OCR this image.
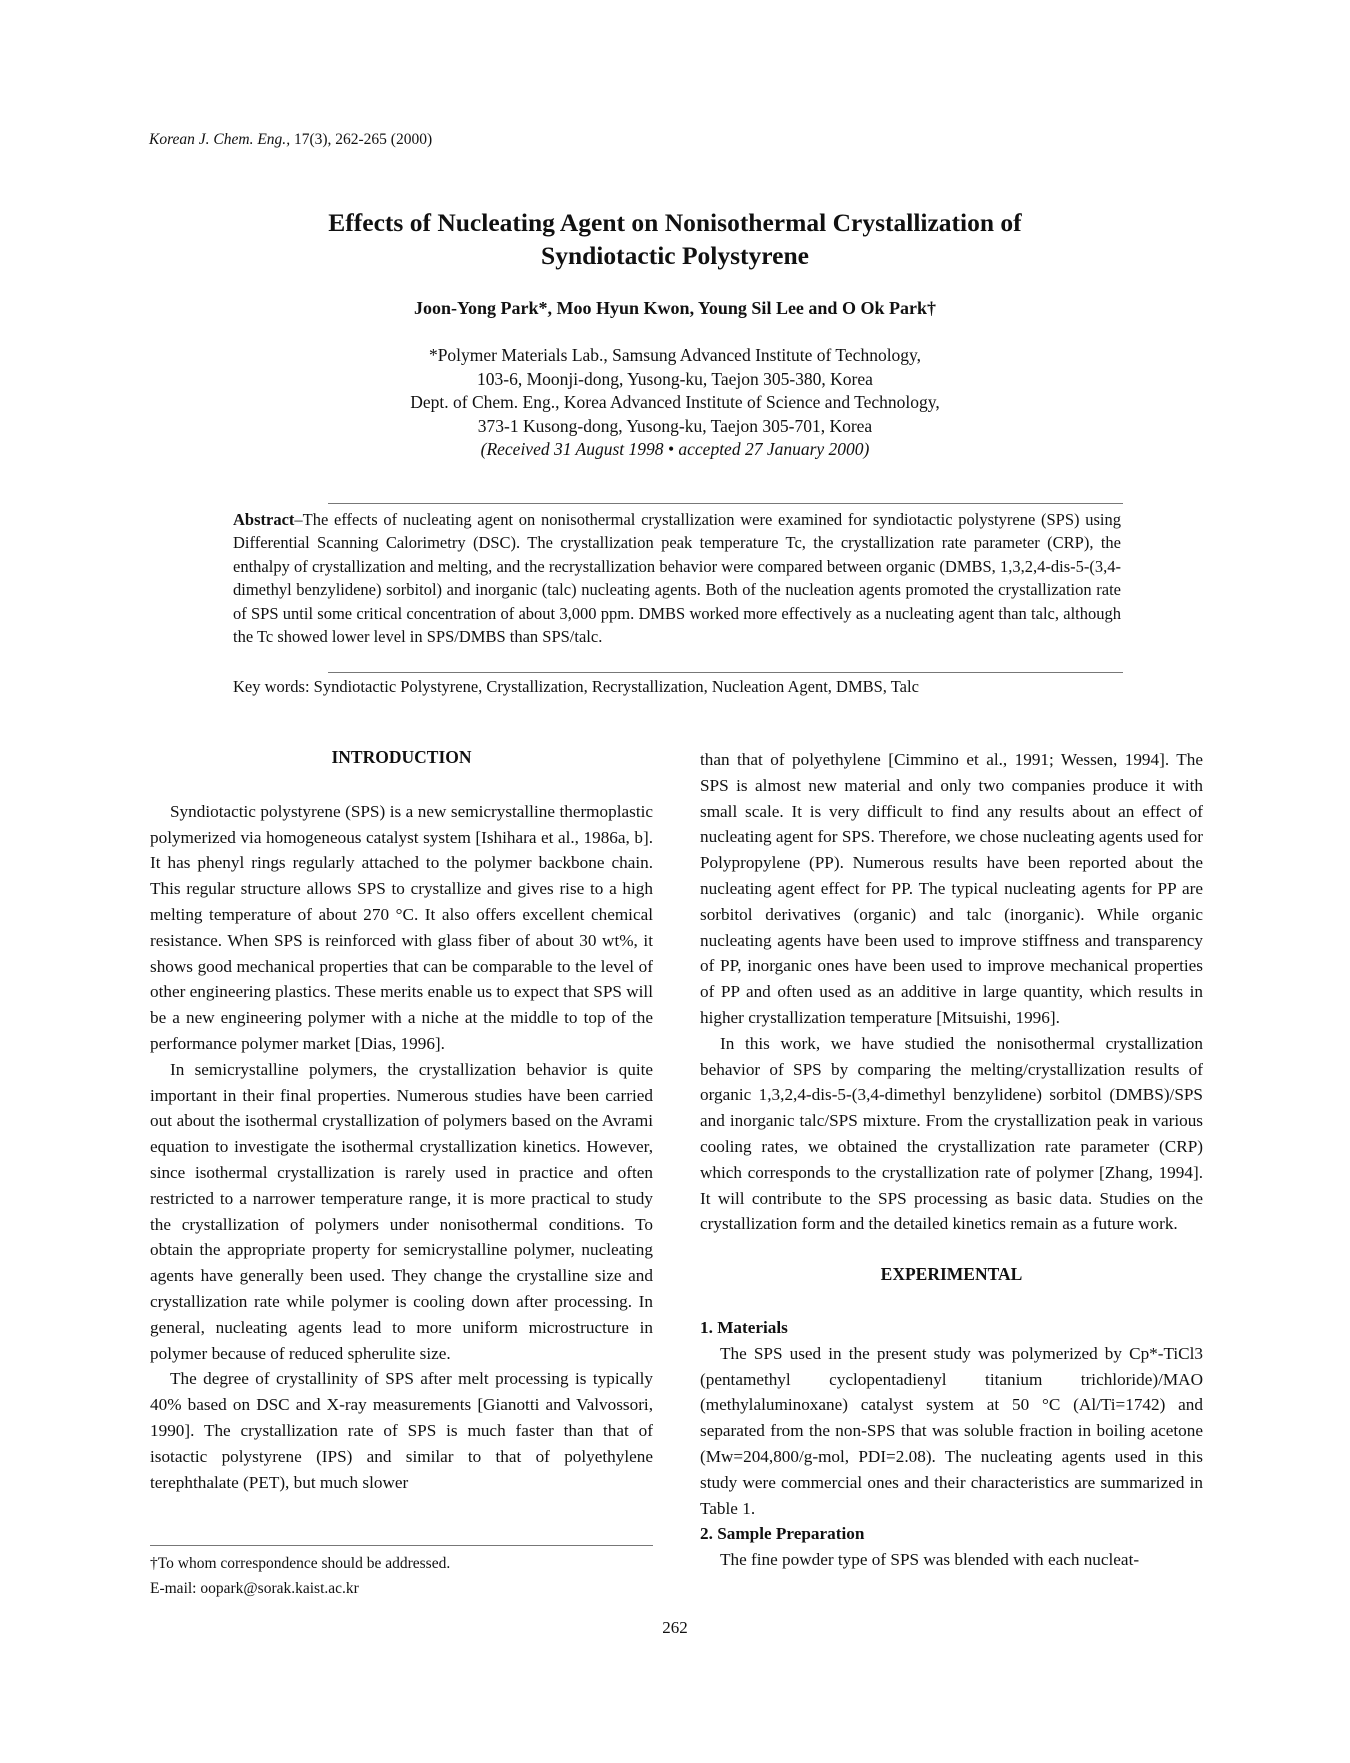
Korean J. Chem. Eng., 17(3), 262-265 (2000)
Effects of Nucleating Agent on Nonisothermal Crystallization of
Syndiotactic Polystyrene
Joon-Yong Park*, Moo Hyun Kwon, Young Sil Lee and O Ok Park†
*Polymer Materials Lab., Samsung Advanced Institute of Technology,
103-6, Moonji-dong, Yusong-ku, Taejon 305-380, Korea
Dept. of Chem. Eng., Korea Advanced Institute of Science and Technology,
373-1 Kusong-dong, Yusong-ku, Taejon 305-701, Korea
(Received 31 August 1998 • accepted 27 January 2000)
Abstract–The effects of nucleating agent on nonisothermal crystallization were examined for syndiotactic polystyrene (SPS) using Differential Scanning Calorimetry (DSC). The crystallization peak temperature Tc, the crystallization rate parameter (CRP), the enthalpy of crystallization and melting, and the recrystallization behavior were compared between organic (DMBS, 1,3,2,4-dis-5-(3,4-dimethyl benzylidene) sorbitol) and inorganic (talc) nucleating agents. Both of the nucleation agents promoted the crystallization rate of SPS until some critical concentration of about 3,000 ppm. DMBS worked more effectively as a nucleating agent than talc, although the Tc showed lower level in SPS/DMBS than SPS/talc.
Key words: Syndiotactic Polystyrene, Crystallization, Recrystallization, Nucleation Agent, DMBS, Talc
INTRODUCTION

Syndiotactic polystyrene (SPS) is a new semicrystalline thermoplastic polymerized via homogeneous catalyst system [Ishihara et al., 1986a, b]. It has phenyl rings regularly attached to the polymer backbone chain. This regular structure allows SPS to crystallize and gives rise to a high melting temperature of about 270 °C. It also offers excellent chemical resistance. When SPS is reinforced with glass fiber of about 30 wt%, it shows good mechanical properties that can be comparable to the level of other engineering plastics. These merits enable us to expect that SPS will be a new engineering polymer with a niche at the middle to top of the performance polymer market [Dias, 1996].

In semicrystalline polymers, the crystallization behavior is quite important in their final properties. Numerous studies have been carried out about the isothermal crystallization of polymers based on the Avrami equation to investigate the isothermal crystallization kinetics. However, since isothermal crystallization is rarely used in practice and often restricted to a narrower temperature range, it is more practical to study the crystallization of polymers under nonisothermal conditions. To obtain the appropriate property for semicrystalline polymer, nucleating agents have generally been used. They change the crystalline size and crystallization rate while polymer is cooling down after processing. In general, nucleating agents lead to more uniform microstructure in polymer because of reduced spherulite size.

The degree of crystallinity of SPS after melt processing is typically 40% based on DSC and X-ray measurements [Gianotti and Valvossori, 1990]. The crystallization rate of SPS is much faster than that of isotactic polystyrene (IPS) and similar to that of polyethylene terephthalate (PET), but much slower

than that of polyethylene [Cimmino et al., 1991; Wessen, 1994]. The SPS is almost new material and only two companies produce it with small scale. It is very difficult to find any results about an effect of nucleating agent for SPS. Therefore, we chose nucleating agents used for Polypropylene (PP). Numerous results have been reported about the nucleating agent effect for PP. The typical nucleating agents for PP are sorbitol derivatives (organic) and talc (inorganic). While organic nucleating agents have been used to improve stiffness and transparency of PP, inorganic ones have been used to improve mechanical properties of PP and often used as an additive in large quantity, which results in higher crystallization temperature [Mitsuishi, 1996].

In this work, we have studied the nonisothermal crystallization behavior of SPS by comparing the melting/crystallization results of organic 1,3,2,4-dis-5-(3,4-dimethyl benzylidene) sorbitol (DMBS)/SPS and inorganic talc/SPS mixture. From the crystallization peak in various cooling rates, we obtained the crystallization rate parameter (CRP) which corresponds to the crystallization rate of polymer [Zhang, 1994]. It will contribute to the SPS processing as basic data. Studies on the crystallization form and the detailed kinetics remain as a future work.

EXPERIMENTAL
1. Materials

The SPS used in the present study was polymerized by Cp*-TiCl3 (pentamethyl cyclopentadienyl titanium trichloride)/MAO (methylaluminoxane) catalyst system at 50 °C (Al/Ti=1742) and separated from the non-SPS that was soluble fraction in boiling acetone (Mw=204,800/g-mol, PDI=2.08). The nucleating agents used in this study were commercial ones and their characteristics are summarized in Table 1.

2. Sample Preparation

The fine powder type of SPS was blended with each nucleat-

†To whom correspondence should be addressed.
E-mail: oopark@sorak.kaist.ac.kr
262
